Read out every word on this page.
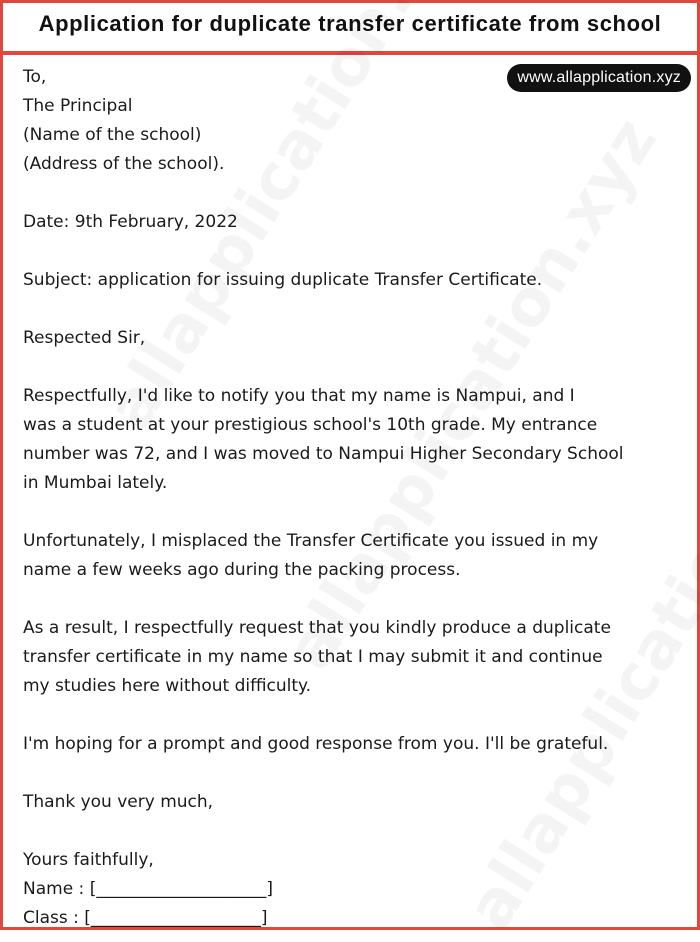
Application for duplicate transfer certificate from school
www.allapplication.xyz
To,
The Principal
(Name of the school)
(Address of the school).
Date: 9th February, 2022
Subject: application for issuing duplicate Transfer Certificate.
Respected Sir,
Respectfully, I'd like to notify you that my name is Nampui, and I
was a student at your prestigious school's 10th grade. My entrance
number was 72, and I was moved to Nampui Higher Secondary School
in Mumbai lately.
Unfortunately, I misplaced the Transfer Certificate you issued in my
name a few weeks ago during the packing process.
As a result, I respectfully request that you kindly produce a duplicate
transfer certificate in my name so that I may submit it and continue
my studies here without difficulty.
I'm hoping for a prompt and good response from you. I'll be grateful.
Thank you very much,
Yours faithfully,
Name : [____________________]
Class : [____________________]
